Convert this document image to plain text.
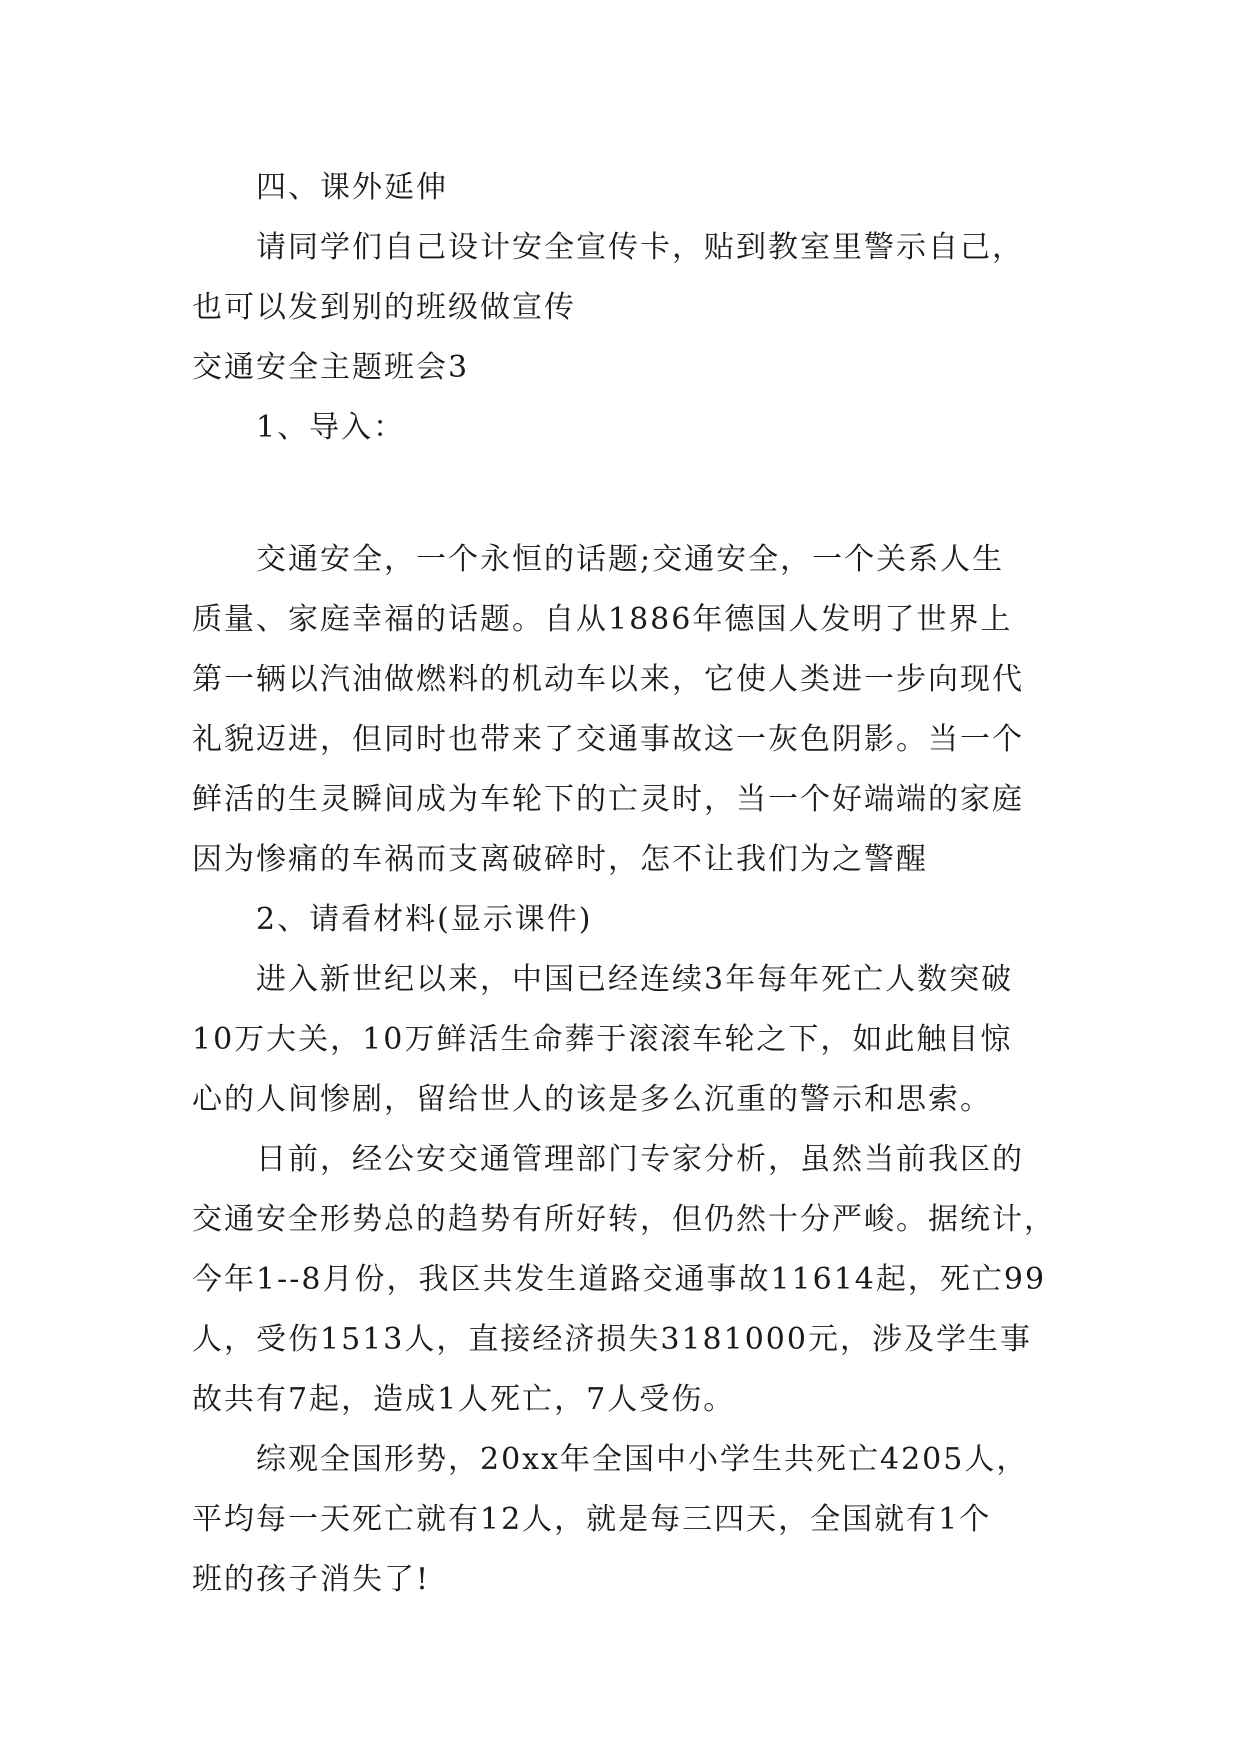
四、课外延伸
请同学们自己设计安全宣传卡，贴到教室里警示自己，
也可以发到别的班级做宣传
交通安全主题班会3
1、导入：
交通安全，一个永恒的话题;交通安全，一个关系人生
质量、家庭幸福的话题。自从1886年德国人发明了世界上
第一辆以汽油做燃料的机动车以来，它使人类进一步向现代
礼貌迈进，但同时也带来了交通事故这一灰色阴影。当一个
鲜活的生灵瞬间成为车轮下的亡灵时，当一个好端端的家庭
因为惨痛的车祸而支离破碎时，怎不让我们为之警醒
2、请看材料(显示课件)
进入新世纪以来，中国已经连续3年每年死亡人数突破
10万大关，10万鲜活生命葬于滚滚车轮之下，如此触目惊
心的人间惨剧，留给世人的该是多么沉重的警示和思索。
日前，经公安交通管理部门专家分析，虽然当前我区的
交通安全形势总的趋势有所好转，但仍然十分严峻。据统计，
今年1--8月份，我区共发生道路交通事故11614起，死亡99
人，受伤1513人，直接经济损失3181000元，涉及学生事
故共有7起，造成1人死亡，7人受伤。
综观全国形势，20xx年全国中小学生共死亡4205人，
平均每一天死亡就有12人，就是每三四天，全国就有1个
班的孩子消失了!
